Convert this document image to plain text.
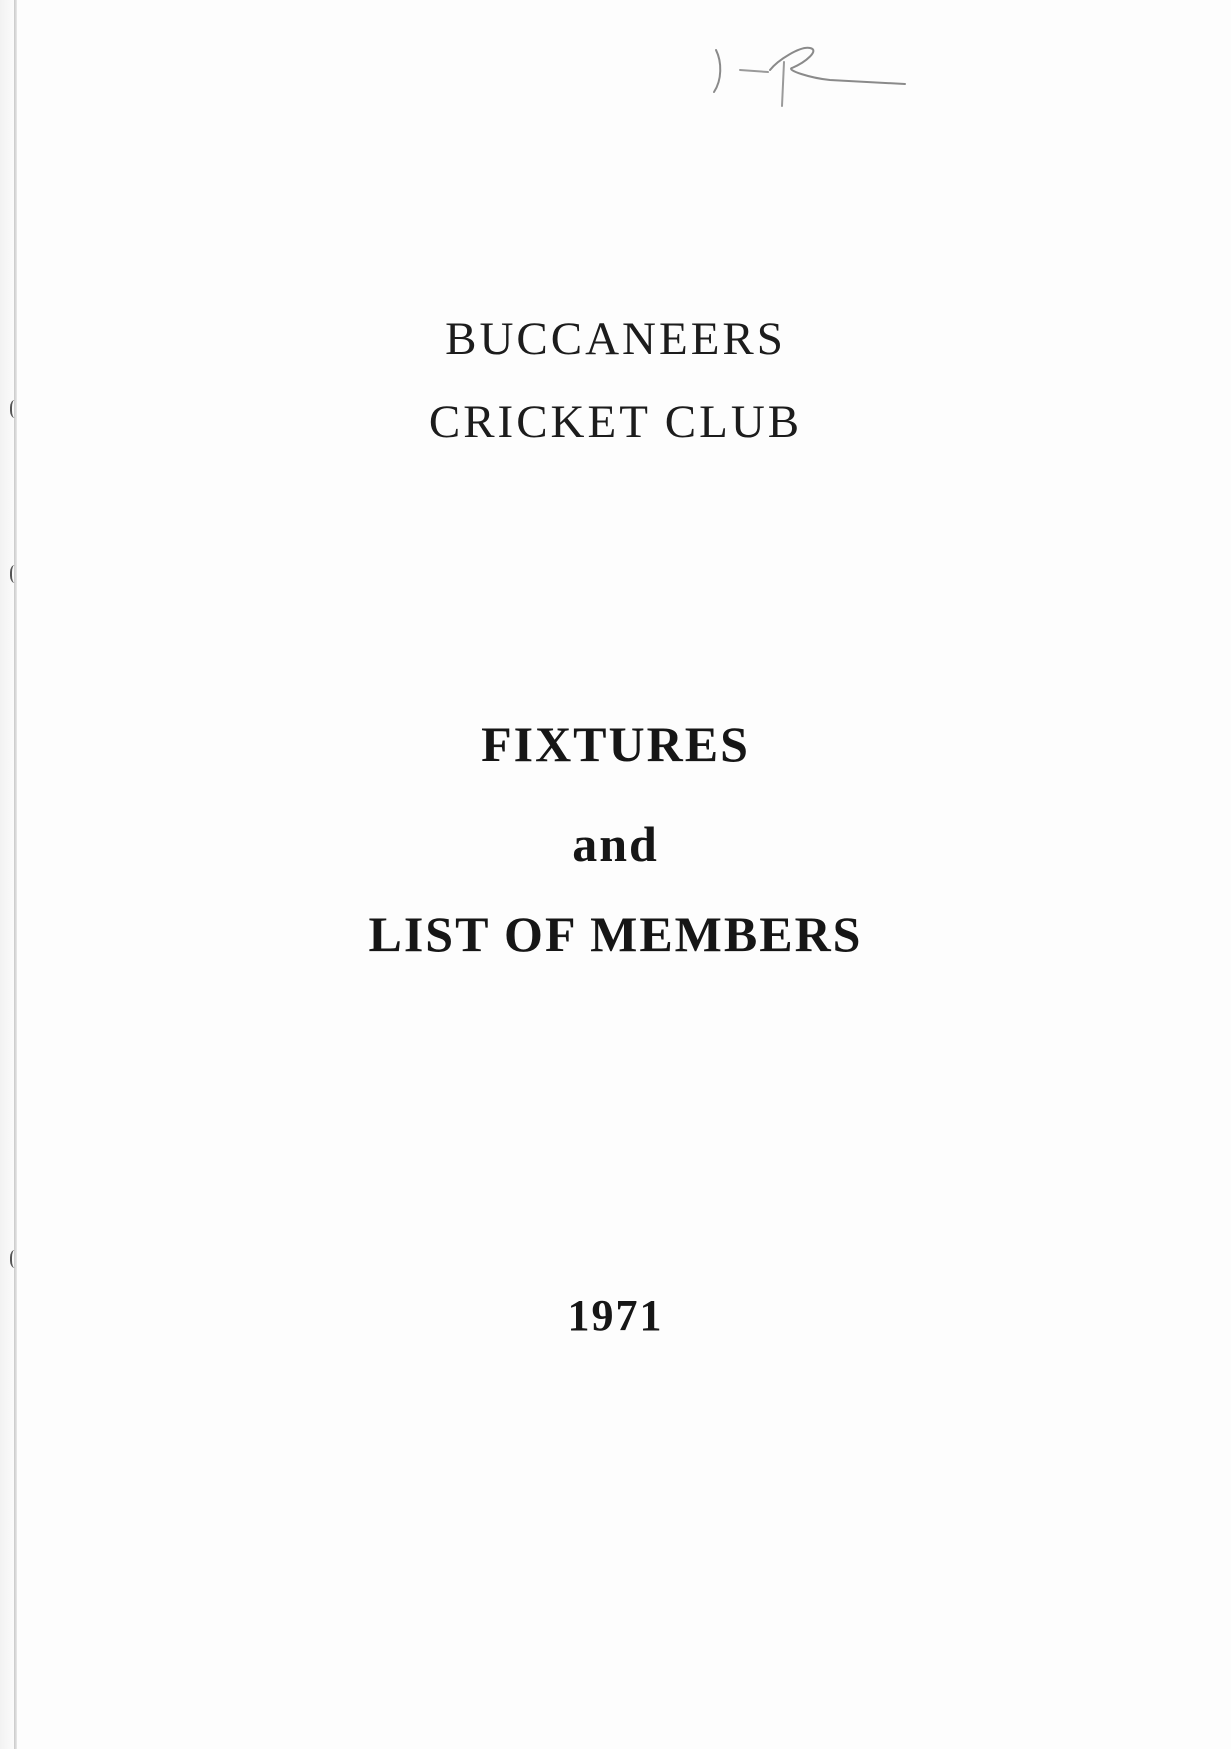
BUCCANEERS

CRICKET CLUB

FIXTURES

and

LIST OF MEMBERS

1971
